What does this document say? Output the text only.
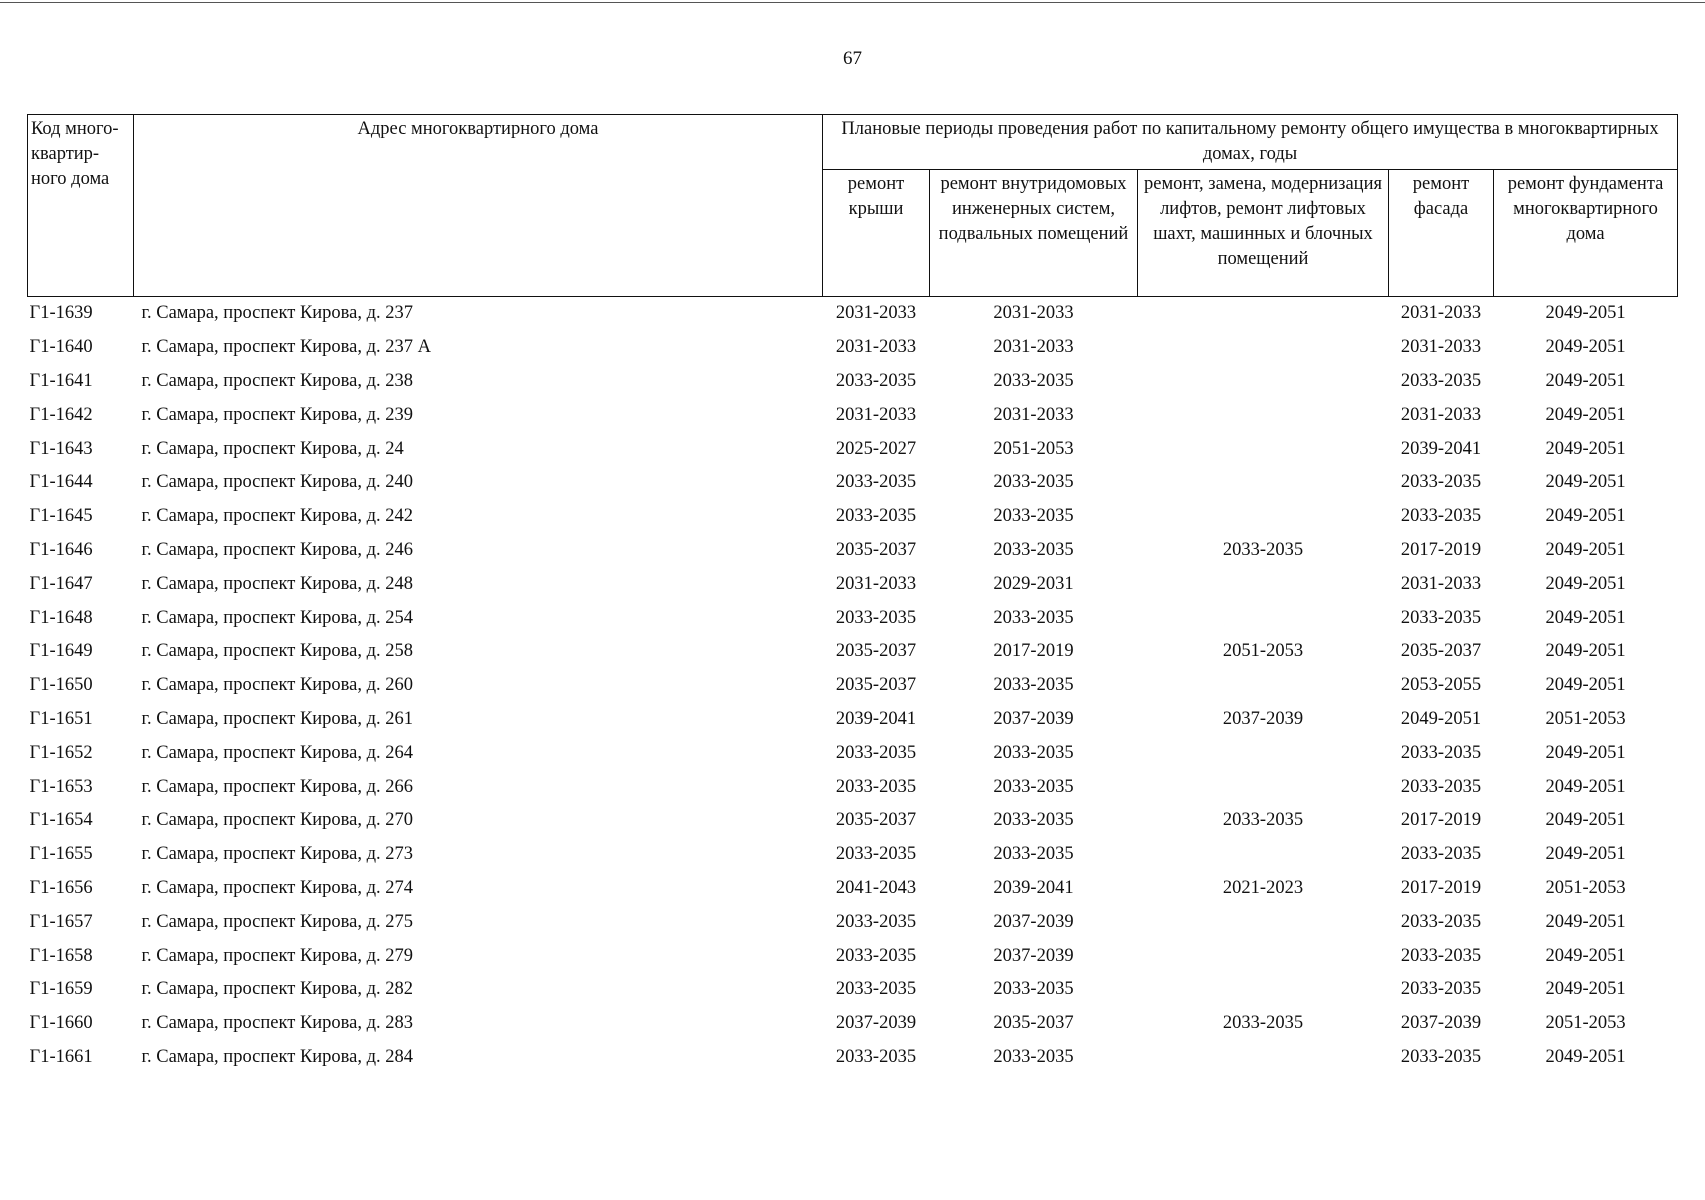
67
Код много-квартир-ного дома	Адрес многоквартирного дома	Плановые периоды проведения работ по капитальному ремонту общего имущества в многоквартирных домах, годы				
		ремонт крыши	ремонт внутридомовых инженерных систем, подвальных помещений	ремонт, замена, модернизация лифтов, ремонт лифтовых шахт, машинных и блочных помещений	ремонт фасада	ремонт фундамента многоквартирного дома
Г1-1639	г. Самара, проспект Кирова, д. 237	2031-2033	2031-2033		2031-2033	2049-2051
Г1-1640	г. Самара, проспект Кирова, д. 237 А	2031-2033	2031-2033		2031-2033	2049-2051
Г1-1641	г. Самара, проспект Кирова, д. 238	2033-2035	2033-2035		2033-2035	2049-2051
Г1-1642	г. Самара, проспект Кирова, д. 239	2031-2033	2031-2033		2031-2033	2049-2051
Г1-1643	г. Самара, проспект Кирова, д. 24	2025-2027	2051-2053		2039-2041	2049-2051
Г1-1644	г. Самара, проспект Кирова, д. 240	2033-2035	2033-2035		2033-2035	2049-2051
Г1-1645	г. Самара, проспект Кирова, д. 242	2033-2035	2033-2035		2033-2035	2049-2051
Г1-1646	г. Самара, проспект Кирова, д. 246	2035-2037	2033-2035	2033-2035	2017-2019	2049-2051
Г1-1647	г. Самара, проспект Кирова, д. 248	2031-2033	2029-2031		2031-2033	2049-2051
Г1-1648	г. Самара, проспект Кирова, д. 254	2033-2035	2033-2035		2033-2035	2049-2051
Г1-1649	г. Самара, проспект Кирова, д. 258	2035-2037	2017-2019	2051-2053	2035-2037	2049-2051
Г1-1650	г. Самара, проспект Кирова, д. 260	2035-2037	2033-2035		2053-2055	2049-2051
Г1-1651	г. Самара, проспект Кирова, д. 261	2039-2041	2037-2039	2037-2039	2049-2051	2051-2053
Г1-1652	г. Самара, проспект Кирова, д. 264	2033-2035	2033-2035		2033-2035	2049-2051
Г1-1653	г. Самара, проспект Кирова, д. 266	2033-2035	2033-2035		2033-2035	2049-2051
Г1-1654	г. Самара, проспект Кирова, д. 270	2035-2037	2033-2035	2033-2035	2017-2019	2049-2051
Г1-1655	г. Самара, проспект Кирова, д. 273	2033-2035	2033-2035		2033-2035	2049-2051
Г1-1656	г. Самара, проспект Кирова, д. 274	2041-2043	2039-2041	2021-2023	2017-2019	2051-2053
Г1-1657	г. Самара, проспект Кирова, д. 275	2033-2035	2037-2039		2033-2035	2049-2051
Г1-1658	г. Самара, проспект Кирова, д. 279	2033-2035	2037-2039		2033-2035	2049-2051
Г1-1659	г. Самара, проспект Кирова, д. 282	2033-2035	2033-2035		2033-2035	2049-2051
Г1-1660	г. Самара, проспект Кирова, д. 283	2037-2039	2035-2037	2033-2035	2037-2039	2051-2053
Г1-1661	г. Самара, проспект Кирова, д. 284	2033-2035	2033-2035		2033-2035	2049-2051
